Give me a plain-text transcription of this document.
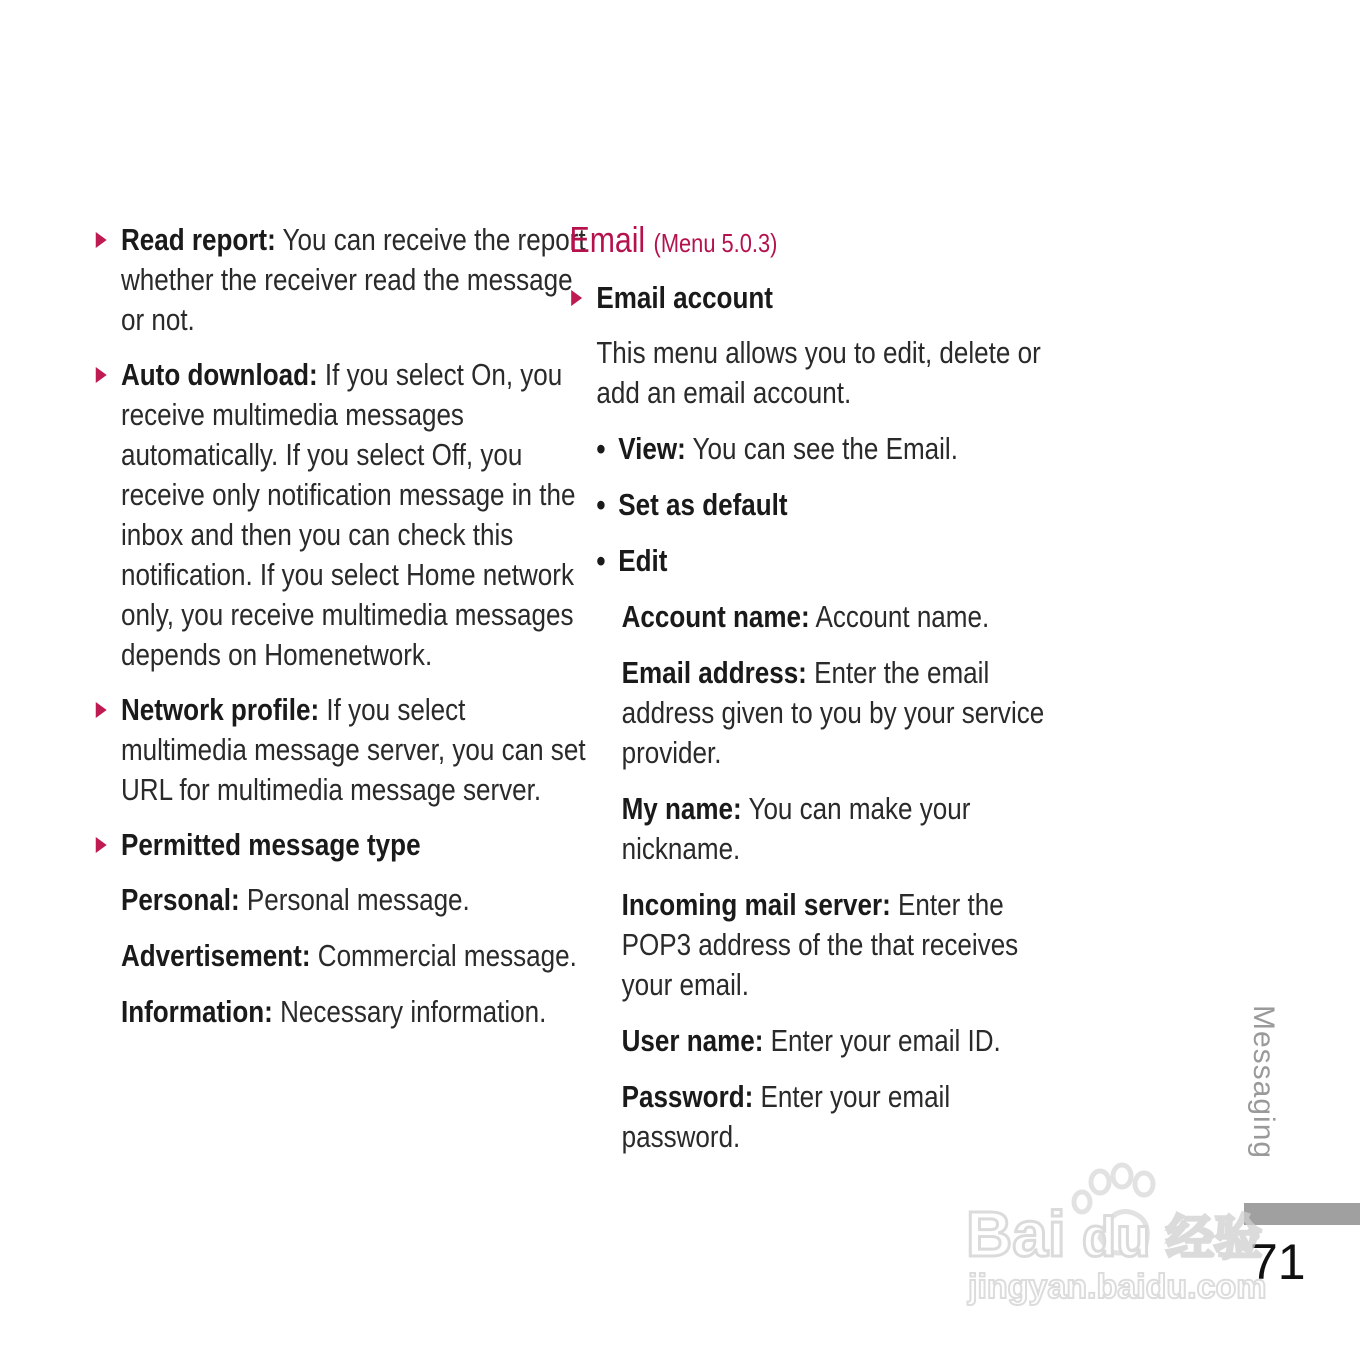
Read report: You can receive the report whether the receiver read the message or not.
Auto download: If you select On, you receive multimedia messages automatically. If you select Off, you receive only notification message in the inbox and then you can check this notification. If you select Home network only, you receive multimedia messages depends on Homenetwork.
Network profile: If you select multimedia message server, you can set URL for multimedia message server.
Permitted message type
Personal: Personal message.
Advertisement: Commercial message.
Information: Necessary information.
Email (Menu 5.0.3)
Email account
This menu allows you to edit, delete or add an email account.
• View: You can see the Email.
• Set as default
• Edit
Account name: Account name.
Email address: Enter the email address given to you by your service provider.
My name: You can make your nickname.
Incoming mail server: Enter the POP3 address of the that receives your email.
User name: Enter your email ID.
Password: Enter your email password.	Messaging
71
Bai du 经验
jingyan.baidu.com
